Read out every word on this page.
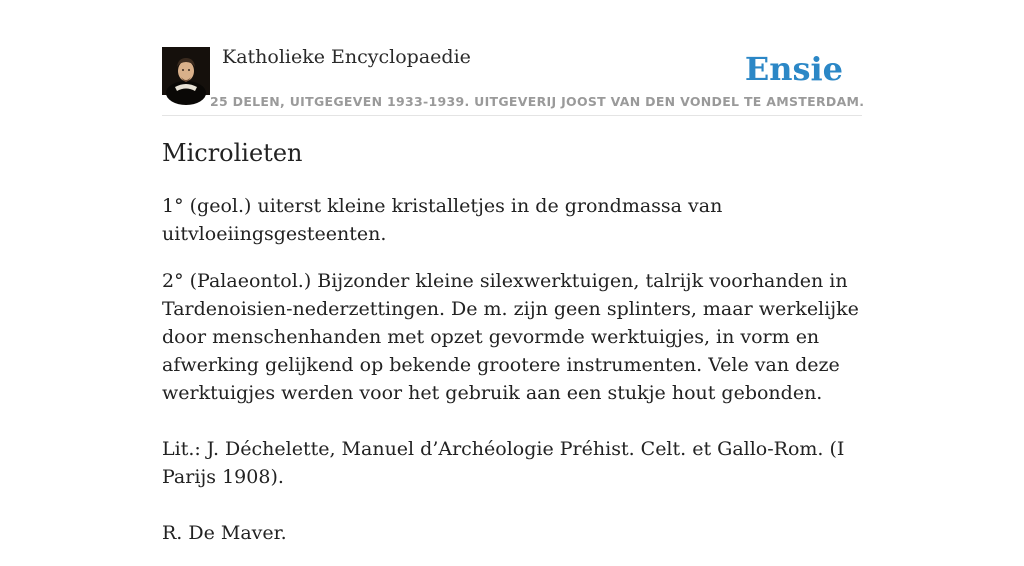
Katholieke Encyclopaedie	Ensie
25 DELEN, UITGEGEVEN 1933-1939. UITGEVERIJ JOOST VAN DEN VONDEL TE AMSTERDAM.
Microlieten

1° (geol.) uiterst kleine kristalletjes in de grondmassa van uitvloeiingsgesteenten.

2° (Palaeontol.) Bijzonder kleine silexwerktuigen, talrijk voorhanden in Tardenoisien-nederzettingen. De m. zijn geen splinters, maar werkelijke door menschenhanden met opzet gevormde werktuigjes, in vorm en afwerking gelijkend op bekende grootere instrumenten. Vele van deze werktuigjes werden voor het gebruik aan een stukje hout gebonden.

Lit.: J. Déchelette, Manuel d’Archéologie Préhist. Celt. et Gallo-Rom. (I Parijs 1908).

R. De Maver.
